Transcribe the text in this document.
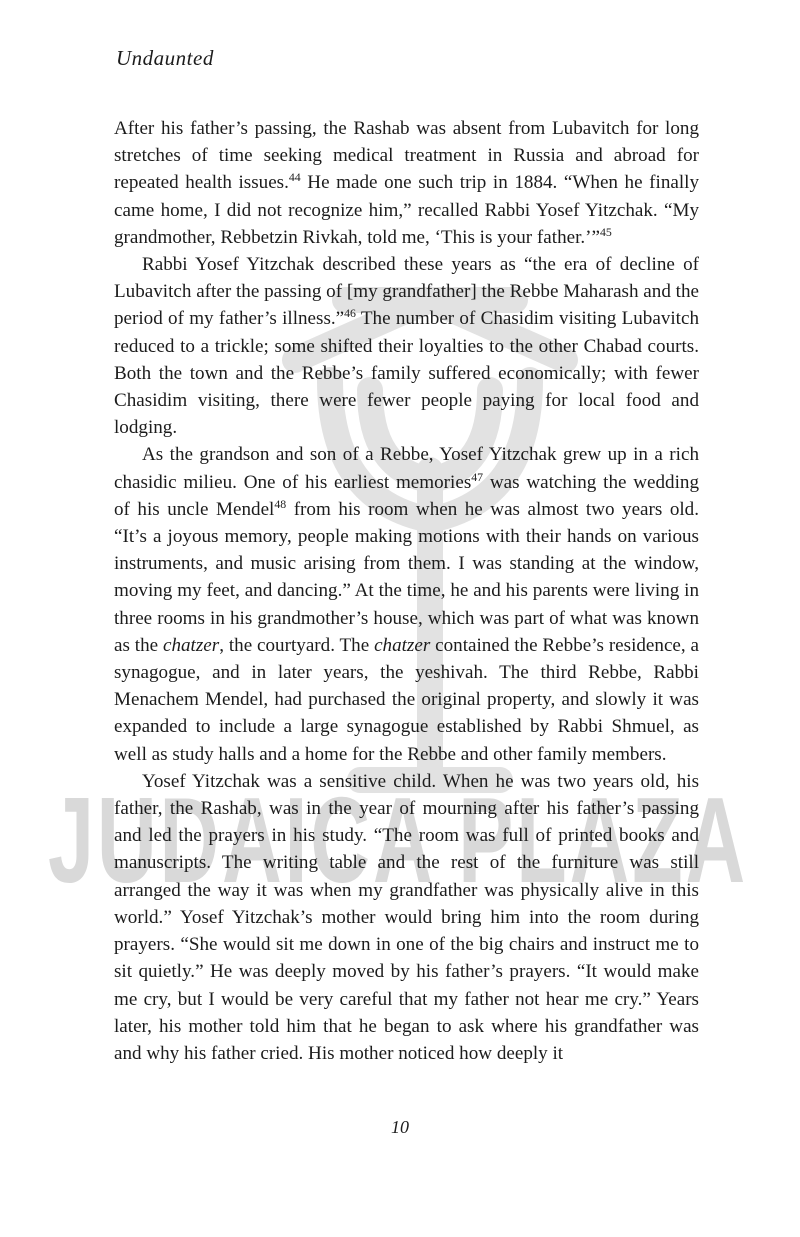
JUDAICA PLAZA
Undaunted

After his father’s passing, the Rashab was absent from Lubavitch for long stretches of time seeking medical treatment in Russia and abroad for repeated health issues.$^{44}$ He made one such trip in 1884. “When he finally came home, I did not recognize him,” recalled Rabbi Yosef Yitzchak. “My grandmother, Rebbetzin Rivkah, told me, ‘This is your father.’”$^{45}$

Rabbi Yosef Yitzchak described these years as “the era of decline of Lubavitch after the passing of [my grandfather] the Rebbe Maharash and the period of my father’s illness.”$^{46}$ The number of Chasidim visiting Lubavitch reduced to a trickle; some shifted their loyalties to the other Chabad courts. Both the town and the Rebbe’s family suffered economically; with fewer Chasidim visiting, there were fewer people paying for local food and lodging.

As the grandson and son of a Rebbe, Yosef Yitzchak grew up in a rich chasidic milieu. One of his earliest memories$^{47}$ was watching the wedding of his uncle Mendel$^{48}$ from his room when he was almost two years old. “It’s a joyous memory, people making motions with their hands on various instruments, and music arising from them. I was standing at the window, moving my feet, and dancing.” At the time, he and his parents were living in three rooms in his grandmother’s house, which was part of what was known as the chatzer, the courtyard. The chatzer contained the Rebbe’s residence, a synagogue, and in later years, the yeshivah. The third Rebbe, Rabbi Menachem Mendel, had purchased the original property, and slowly it was expanded to include a large synagogue established by Rabbi Shmuel, as well as study halls and a home for the Rebbe and other family members.

Yosef Yitzchak was a sensitive child. When he was two years old, his father, the Rashab, was in the year of mourning after his father’s passing and led the prayers in his study. “The room was full of printed books and manuscripts. The writing table and the rest of the furniture was still arranged the way it was when my grandfather was physically alive in this world.” Yosef Yitzchak’s mother would bring him into the room during prayers. “She would sit me down in one of the big chairs and instruct me to sit quietly.” He was deeply moved by his father’s prayers. “It would make me cry, but I would be very careful that my father not hear me cry.” Years later, his mother told him that he began to ask where his grandfather was and why his father cried. His mother noticed how deeply it

10
